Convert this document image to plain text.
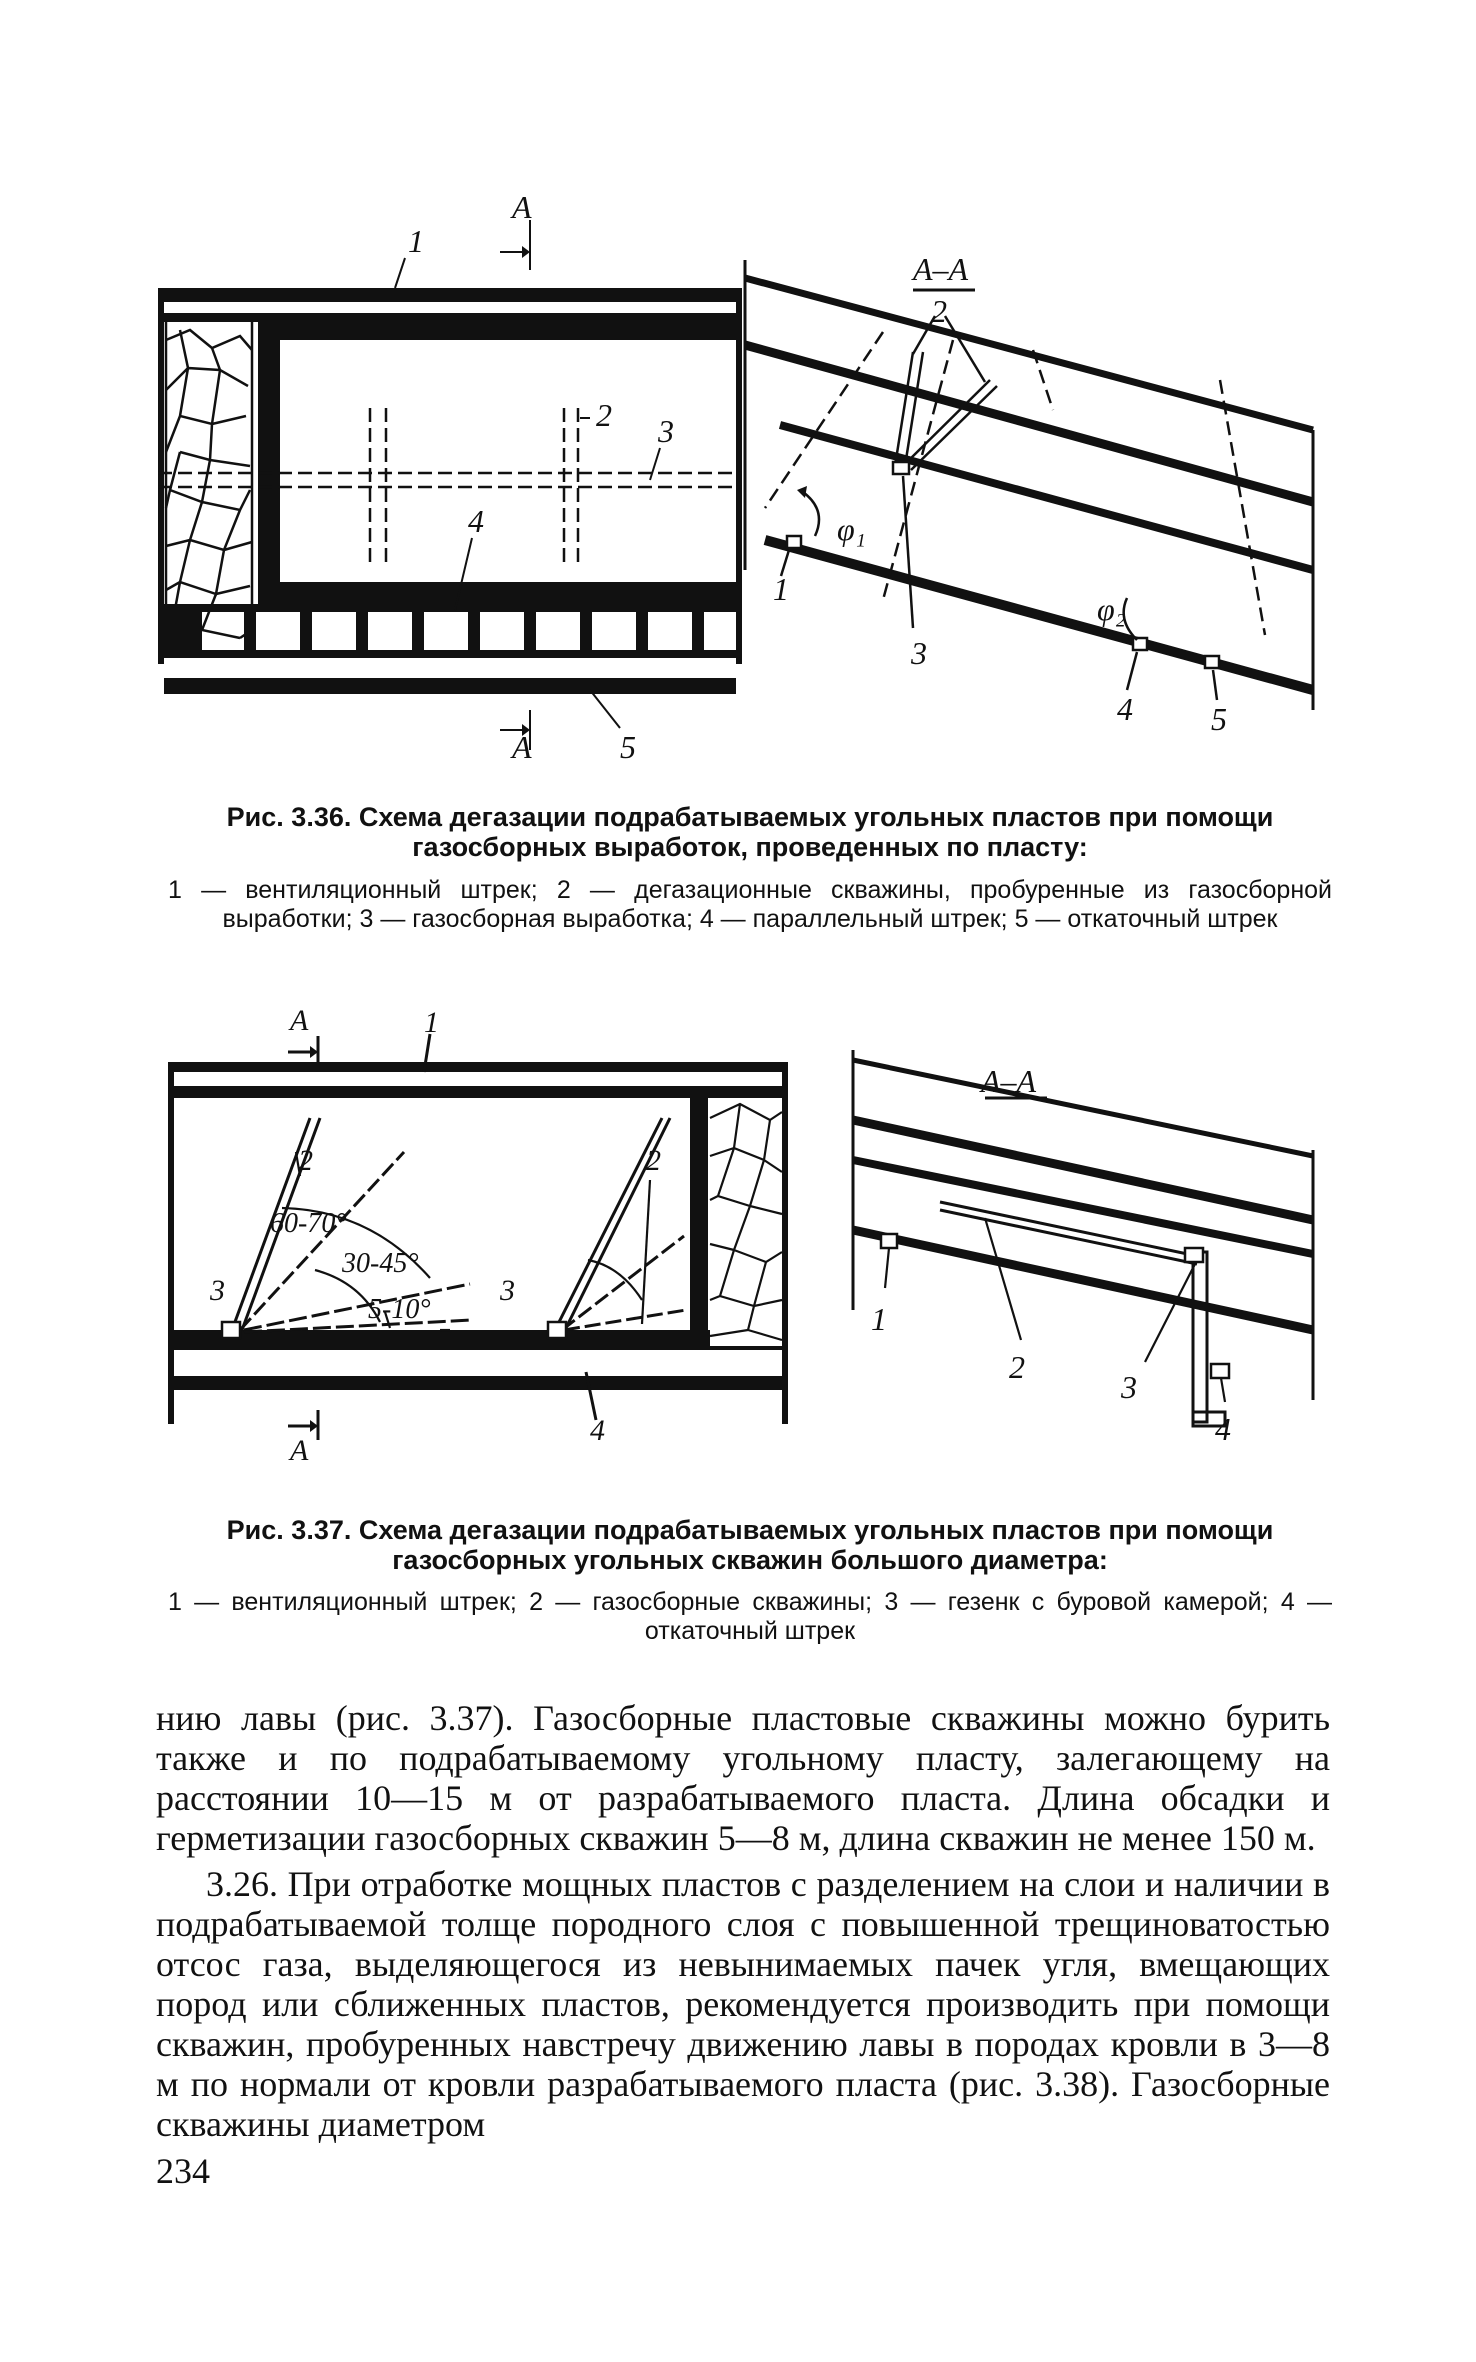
1
А
2 3
4
А	5
А–А
2
φ₁
φ₂
1
3
4 5
Рис. 3.36. Схема дегазации подрабатываемых угольных пластов при помощи газосборных выработок, проведенных по пласту:
1 — вентиляционный штрек; 2 — дегазационные скважины, пробуренные из газосборной выработки; 3 — газосборная выработка; 4 — параллельный штрек; 5 — откаточный штрек
А	1
2	2
60-70°
30-45°
5-10°
3	3
4
А
А–А
1
2
3
4
Рис. 3.37. Схема дегазации подрабатываемых угольных пластов при помощи газосборных угольных скважин большого диаметра:
1 — вентиляционный штрек; 2 — газосборные скважины; 3 — гезенк с буровой камерой; 4 — откаточный штрек

нию лавы (рис. 3.37). Газосборные пластовые скважины можно бурить также и по подрабатываемому угольному пласту, залегающему на расстоянии 10—15 м от разрабатываемого пласта. Длина обсадки и герметизации газосборных скважин 5—8 м, длина скважин не менее 150 м.

3.26. При отработке мощных пластов с разделением на слои и наличии в подрабатываемой толще породного слоя с повышенной трещиноватостью отсос газа, выделяющегося из невынимаемых пачек угля, вмещающих пород или сближенных пластов, рекомендуется производить при помощи скважин, пробуренных навстречу движению лавы в породах кровли в 3—8 м по нормали от кровли разрабатываемого пласта (рис. 3.38). Газосборные скважины диаметром

234
